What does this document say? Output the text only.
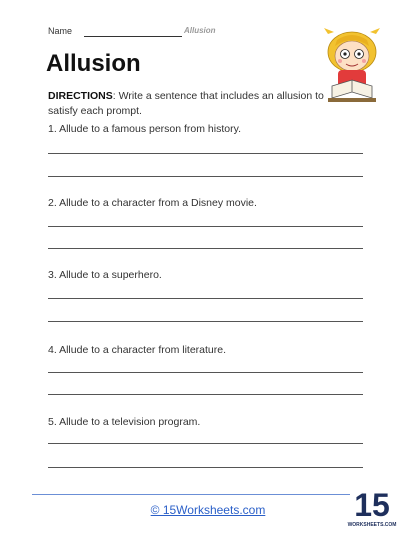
Name	Allusion
Allusion
DIRECTIONS: Write a sentence that includes an allusion to satisfy each prompt.
1. Allude to a famous person from history.
2. Allude to a character from a Disney movie.
3. Allude to a superhero.
4. Allude to a character from literature.
5. Allude to a television program.
© 15Worksheets.com	15
WORKSHEETS.COM
